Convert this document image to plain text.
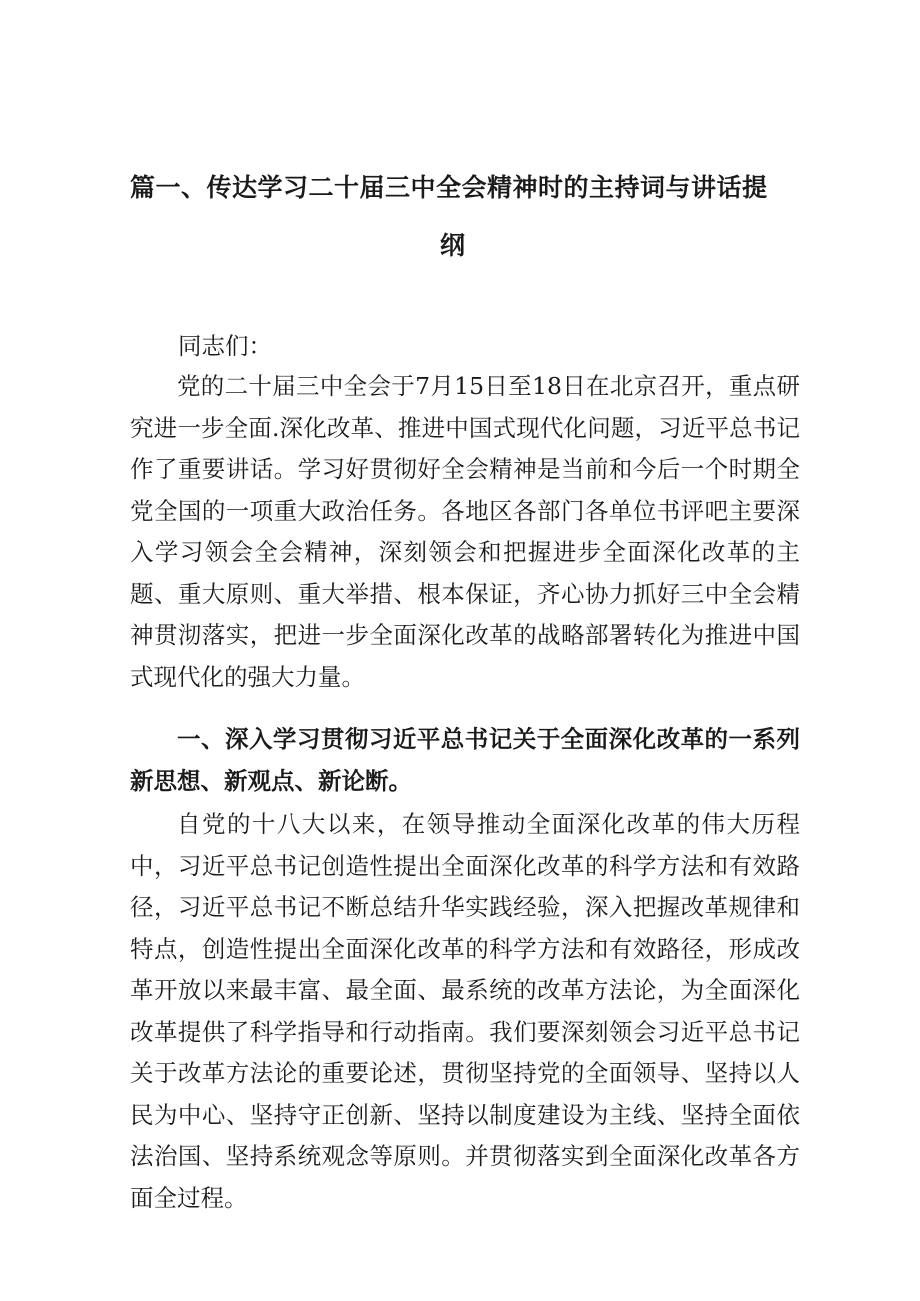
篇一、传达学习二十届三中全会精神时的主持词与讲话提
纲

同志们：

党的二十届三中全会于7月15日至18日在北京召开，重点研究进一步全面.深化改革、推进中国式现代化问题，习近平总书记作了重要讲话。学习好贯彻好全会精神是当前和今后一个时期全党全国的一项重大政治任务。各地区各部门各单位书评吧主要深入学习领会全会精神，深刻领会和把握进步全面深化改革的主题、重大原则、重大举措、根本保证，齐心协力抓好三中全会精神贯沏落实，把进一步全面深化改革的战略部署转化为推进中国式现代化的强大力量。

一、深入学习贯彻习近平总书记关于全面深化改革的一系列新思想、新观点、新论断。

自党的十八大以来，在领导推动全面深化改革的伟大历程中，习近平总书记创造性提出全面深化改革的科学方法和有效路径，习近平总书记不断总结升华实践经验，深入把握改革规律和特点，创造性提出全面深化改革的科学方法和有效路径，形成改革开放以来最丰富、最全面、最系统的改革方法论，为全面深化改革提供了科学指导和行动指南。我们要深刻领会习近平总书记关于改革方法论的重要论述，贯彻坚持党的全面领导、坚持以人民为中心、坚持守正创新、坚持以制度建设为主线、坚持全面依法治国、坚持系统观念等原则。并贯彻落实到全面深化改革各方面全过程。
